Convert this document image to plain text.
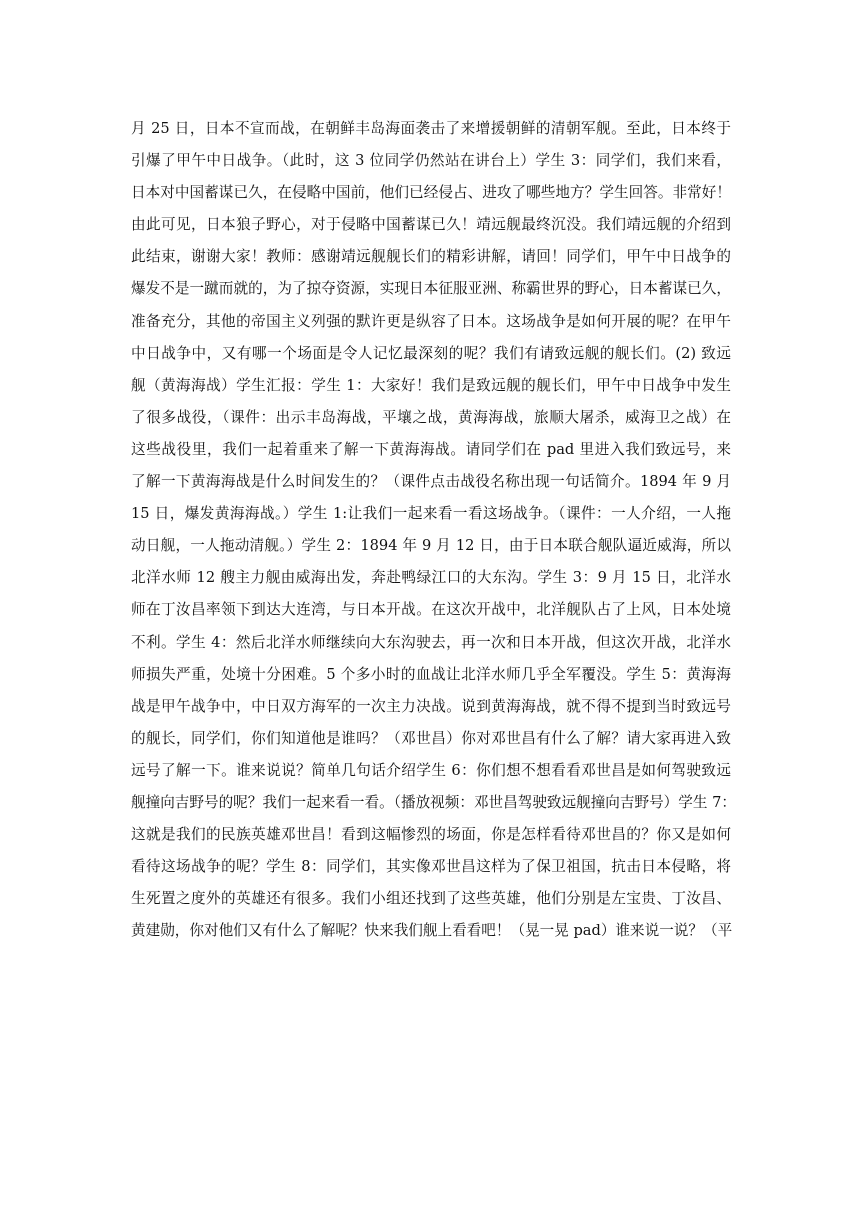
月 25 日，日本不宣而战，在朝鲜丰岛海面袭击了来增援朝鲜的清朝军舰。至此，日本终于
引爆了甲午中日战争。（此时，这 3 位同学仍然站在讲台上）学生 3：同学们，我们来看，
日本对中国蓄谋已久，在侵略中国前，他们已经侵占、进攻了哪些地方？学生回答。非常好！
由此可见，日本狼子野心，对于侵略中国蓄谋已久！靖远舰最终沉没。我们靖远舰的介绍到
此结束，谢谢大家！教师：感谢靖远舰舰长们的精彩讲解，请回！同学们，甲午中日战争的
爆发不是一蹴而就的，为了掠夺资源，实现日本征服亚洲、称霸世界的野心，日本蓄谋已久，
准备充分，其他的帝国主义列强的默许更是纵容了日本。这场战争是如何开展的呢？在甲午
中日战争中，又有哪一个场面是令人记忆最深刻的呢？我们有请致远舰的舰长们。(2) 致远
舰（黄海海战）学生汇报：学生 1：大家好！我们是致远舰的舰长们，甲午中日战争中发生
了很多战役，（课件：出示丰岛海战，平壤之战，黄海海战，旅顺大屠杀，威海卫之战）在
这些战役里，我们一起着重来了解一下黄海海战。请同学们在 pad 里进入我们致远号，来
了解一下黄海海战是什么时间发生的？（课件点击战役名称出现一句话简介。1894 年 9 月
15 日，爆发黄海海战。）学生 1:让我们一起来看一看这场战争。（课件：一人介绍，一人拖
动日舰，一人拖动清舰。）学生 2：1894 年 9 月 12 日，由于日本联合舰队逼近威海，所以
北洋水师 12 艘主力舰由威海出发，奔赴鸭绿江口的大东沟。学生 3：9 月 15 日，北洋水
师在丁汝昌率领下到达大连湾，与日本开战。在这次开战中，北洋舰队占了上风，日本处境
不利。学生 4：然后北洋水师继续向大东沟驶去，再一次和日本开战，但这次开战，北洋水
师损失严重，处境十分困难。5 个多小时的血战让北洋水师几乎全军覆没。学生 5：黄海海
战是甲午战争中，中日双方海军的一次主力决战。说到黄海海战，就不得不提到当时致远号
的舰长，同学们，你们知道他是谁吗？（邓世昌）你对邓世昌有什么了解？请大家再进入致
远号了解一下。谁来说说？简单几句话介绍学生 6：你们想不想看看邓世昌是如何驾驶致远
舰撞向吉野号的呢？我们一起来看一看。（播放视频：邓世昌驾驶致远舰撞向吉野号）学生 7：
这就是我们的民族英雄邓世昌！看到这幅惨烈的场面，你是怎样看待邓世昌的？你又是如何
看待这场战争的呢？学生 8：同学们，其实像邓世昌这样为了保卫祖国，抗击日本侵略，将
生死置之度外的英雄还有很多。我们小组还找到了这些英雄，他们分别是左宝贵、丁汝昌、
黄建勋，你对他们又有什么了解呢？快来我们舰上看看吧！（晃一晃 pad）谁来说一说？（平
